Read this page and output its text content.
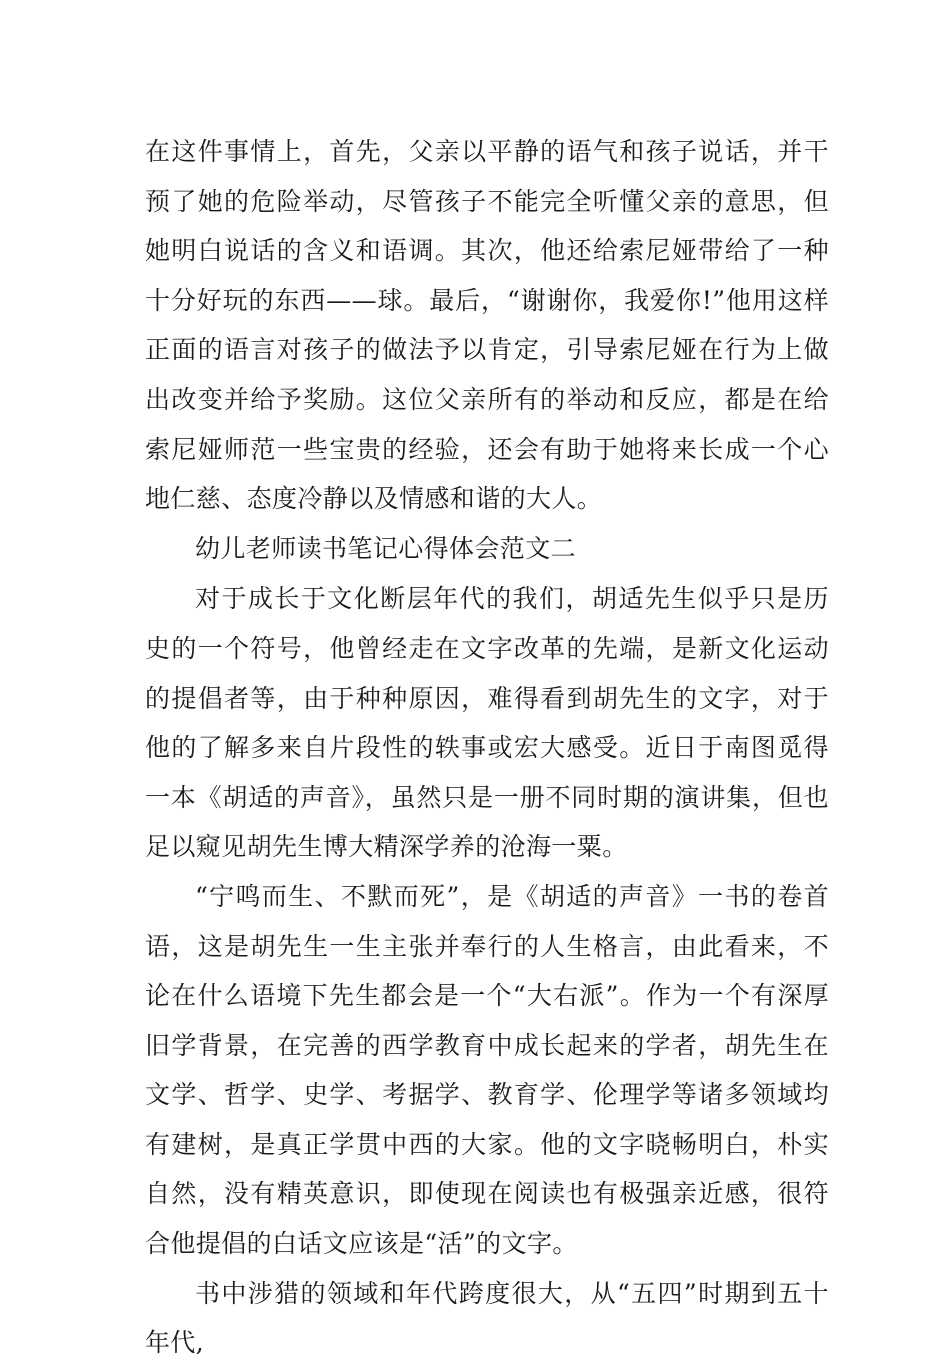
在这件事情上，首先，父亲以平静的语气和孩子说话，并干预了她的危险举动，尽管孩子不能完全听懂父亲的意思，但她明白说话的含义和语调。其次，他还给索尼娅带给了一种十分好玩的东西——球。最后，“谢谢你，我爱你!”他用这样正面的语言对孩子的做法予以肯定，引导索尼娅在行为上做出改变并给予奖励。这位父亲所有的举动和反应，都是在给索尼娅师范一些宝贵的经验，还会有助于她将来长成一个心地仁慈、态度冷静以及情感和谐的大人。

幼儿老师读书笔记心得体会范文二

对于成长于文化断层年代的我们，胡适先生似乎只是历史的一个符号，他曾经走在文字改革的先端，是新文化运动的提倡者等，由于种种原因，难得看到胡先生的文字，对于他的了解多来自片段性的轶事或宏大感受。近日于南图觅得一本《胡适的声音》，虽然只是一册不同时期的演讲集，但也足以窥见胡先生博大精深学养的沧海一粟。

“宁鸣而生、不默而死”，是《胡适的声音》一书的卷首语，这是胡先生一生主张并奉行的人生格言，由此看来，不论在什么语境下先生都会是一个“大右派”。作为一个有深厚旧学背景，在完善的西学教育中成长起来的学者，胡先生在文学、哲学、史学、考据学、教育学、伦理学等诸多领域均有建树，是真正学贯中西的大家。他的文字晓畅明白，朴实自然，没有精英意识，即使现在阅读也有极强亲近感，很符合他提倡的白话文应该是“活”的文字。

书中涉猎的领域和年代跨度很大，从“五四”时期到五十年代,
